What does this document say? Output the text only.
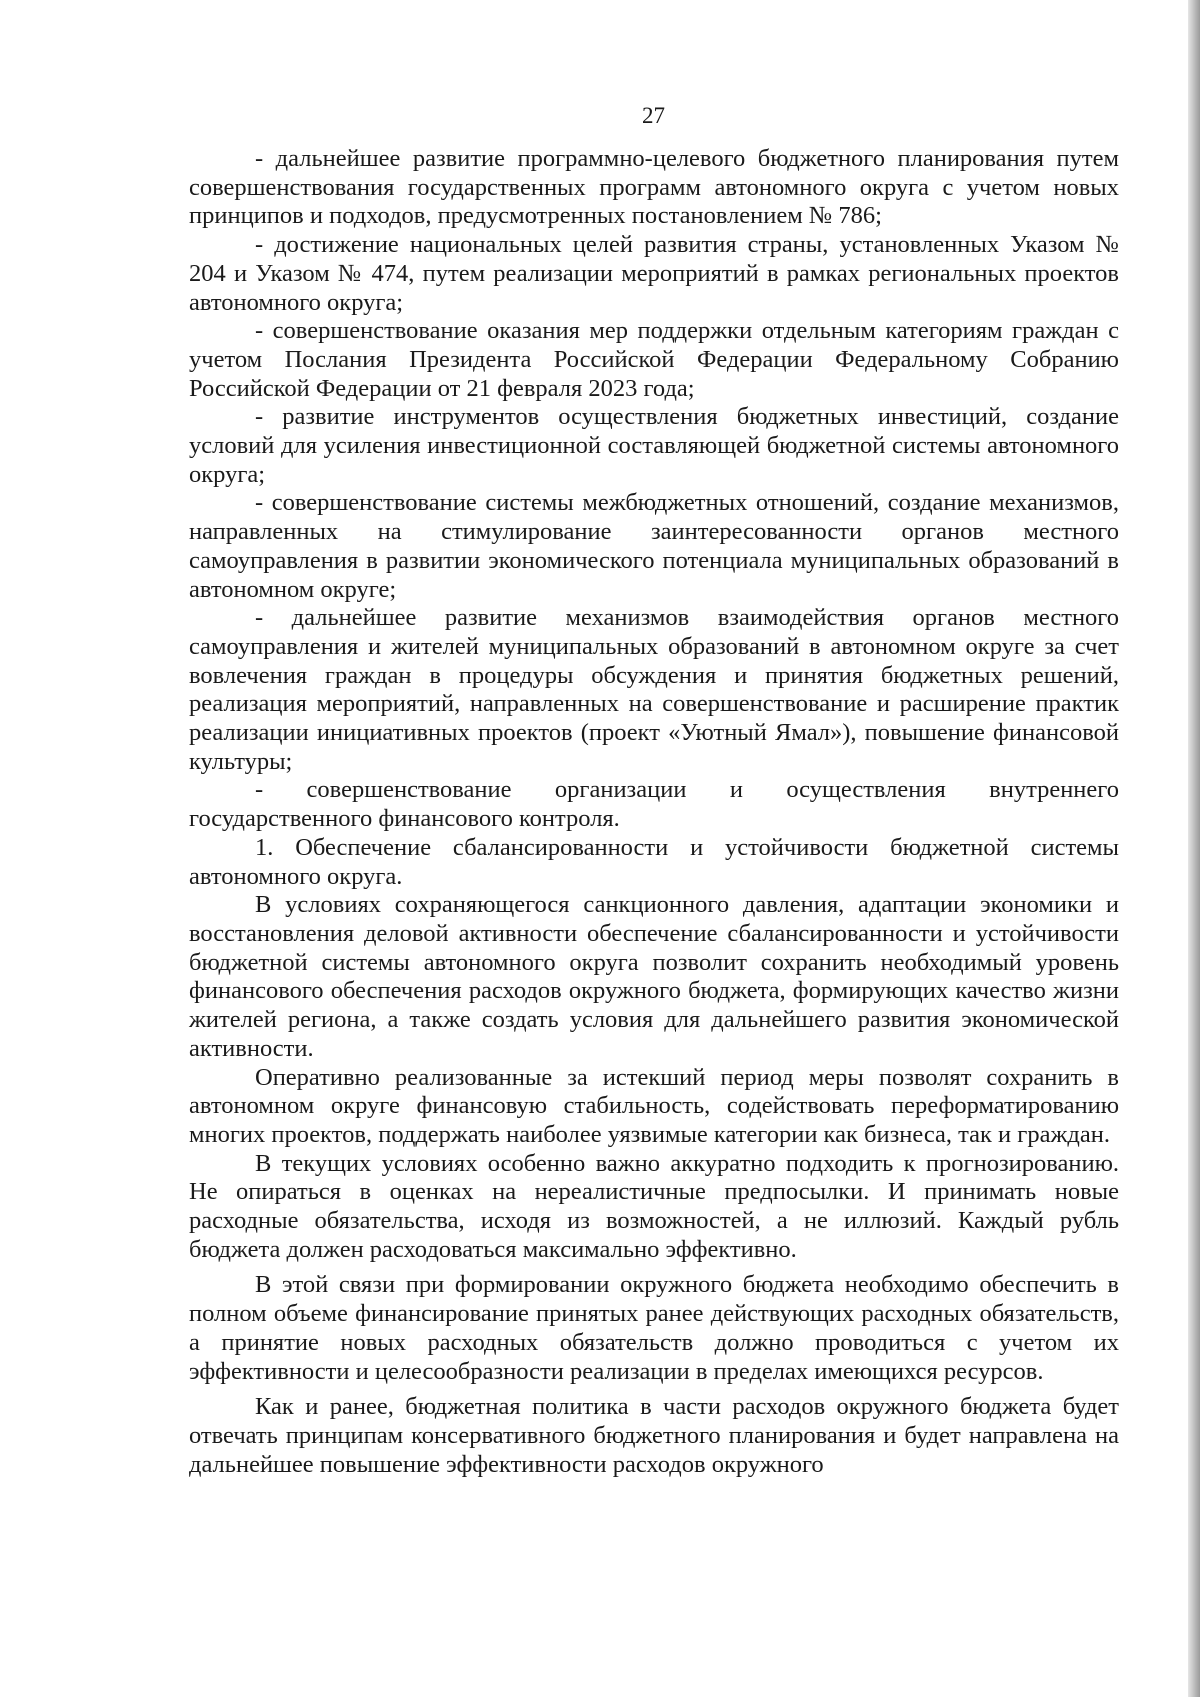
27

- дальнейшее развитие программно-целевого бюджетного планирования путем совершенствования государственных программ автономного округа с учетом новых принципов и подходов, предусмотренных постановлением № 786;

- достижение национальных целей развития страны, установленных Указом № 204 и Указом № 474, путем реализации мероприятий в рамках региональных проектов автономного округа;

- совершенствование оказания мер поддержки отдельным категориям граждан с учетом Послания Президента Российской Федерации Федеральному Собранию Российской Федерации от 21 февраля 2023 года;

- развитие инструментов осуществления бюджетных инвестиций, создание условий для усиления инвестиционной составляющей бюджетной системы автономного округа;

- совершенствование системы межбюджетных отношений, создание механизмов, направленных на стимулирование заинтересованности органов местного самоуправления в развитии экономического потенциала муниципальных образований в автономном округе;

- дальнейшее развитие механизмов взаимодействия органов местного самоуправления и жителей муниципальных образований в автономном округе за счет вовлечения граждан в процедуры обсуждения и принятия бюджетных решений, реализация мероприятий, направленных на совершенствование и расширение практик реализации инициативных проектов (проект «Уютный Ямал»), повышение финансовой культуры;

- совершенствование организации и осуществления внутреннего государственного финансового контроля.

1. Обеспечение сбалансированности и устойчивости бюджетной системы автономного округа.

В условиях сохраняющегося санкционного давления, адаптации экономики и восстановления деловой активности обеспечение сбалансированности и устойчивости бюджетной системы автономного округа позволит сохранить необходимый уровень финансового обеспечения расходов окружного бюджета, формирующих качество жизни жителей региона, а также создать условия для дальнейшего развития экономической активности.

Оперативно реализованные за истекший период меры позволят сохранить в автономном округе финансовую стабильность, содействовать переформатированию многих проектов, поддержать наиболее уязвимые категории как бизнеса, так и граждан.

В текущих условиях особенно важно аккуратно подходить к прогнозированию. Не опираться в оценках на нереалистичные предпосылки. И принимать новые расходные обязательства, исходя из возможностей, а не иллюзий. Каждый рубль бюджета должен расходоваться максимально эффективно.

В этой связи при формировании окружного бюджета необходимо обеспечить в полном объеме финансирование принятых ранее действующих расходных обязательств, а принятие новых расходных обязательств должно проводиться с учетом их эффективности и целесообразности реализации в пределах имеющихся ресурсов.

Как и ранее, бюджетная политика в части расходов окружного бюджета будет отвечать принципам консервативного бюджетного планирования и будет направлена на дальнейшее повышение эффективности расходов окружного
